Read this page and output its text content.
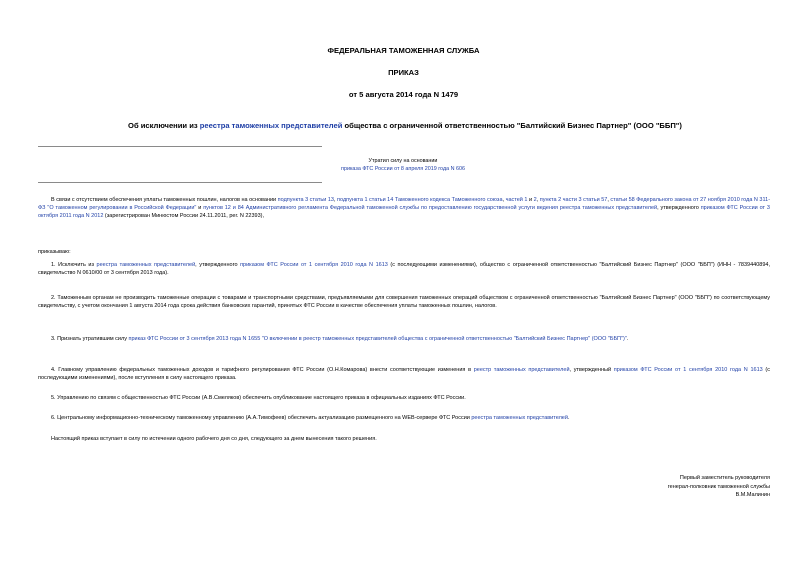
ФЕДЕРАЛЬНАЯ ТАМОЖЕННАЯ СЛУЖБА
ПРИКАЗ
от 5 августа 2014 года N 1479
Об исключении из реестра таможенных представителей общества с ограниченной ответственностью "Балтийский Бизнес Партнер" (ООО "ББП")
Утратил силу на основании
приказа ФТС России от 8 апреля 2019 года N 606
В связи с отсутствием обеспечения уплаты таможенных пошлин, налогов на основании подпункта 3 статьи 13, подпункта 1 статьи 14 Таможенного кодекса Таможенного союза, частей 1 и 2, пункта 2 части 3 статьи 57, статьи 58 Федерального закона от 27 ноября 2010 года N 311-ФЗ "О таможенном регулировании в Российской Федерации" и пунктов 12 и 84 Административного регламента Федеральной таможенной службы по предоставлению государственной услуги ведения реестра таможенных представителей, утвержденного приказом ФТС России от 3 октября 2011 года N 2012 (зарегистрирован Минюстом России 24.11.2011, рег. N 22393),
приказываю:
1. Исключить из реестра таможенных представителей, утвержденного приказом ФТС России от 1 сентября 2010 года N 1613 (с последующими изменениями), общество с ограниченной ответственностью "Балтийский Бизнес Партнер" (ООО "ББП") (ИНН - 7839440894, свидетельство N 0610/00 от 3 сентября 2013 года).
2. Таможенным органам не производить таможенные операции с товарами и транспортными средствами, предъявляемыми для совершения таможенных операций обществом с ограниченной ответственностью "Балтийский Бизнес Партнер" (ООО "ББП") по соответствующему свидетельству, с учетом окончания 1 августа 2014 года срока действия банковских гарантий, принятых ФТС России в качестве обеспечения уплаты таможенных пошлин, налогов.
3. Признать утратившим силу приказ ФТС России от 3 сентября 2013 года N 1655 "О включении в реестр таможенных представителей общества с ограниченной ответственностью "Балтийский Бизнес Партнер" (ООО "ББП")".
4. Главному управлению федеральных таможенных доходов и тарифного регулирования ФТС России (О.Н.Комарова) внести соответствующие изменения в реестр таможенных представителей, утвержденный приказом ФТС России от 1 сентября 2010 года N 1613 (с последующими изменениями), после вступления в силу настоящего приказа.
5. Управлению по связям с общественностью ФТС России (А.В.Смеляков) обеспечить опубликование настоящего приказа в официальных изданиях ФТС России.
6. Центральному информационно-техническому таможенному управлению (А.А.Тимофеев) обеспечить актуализацию размещенного на WEB-сервере ФТС России реестра таможенных представителей.
Настоящий приказ вступает в силу по истечении одного рабочего дня со дня, следующего за днем вынесения такого решения.
Первый заместитель руководителя
генерал-полковник таможенной службы
В.М.Малинин
